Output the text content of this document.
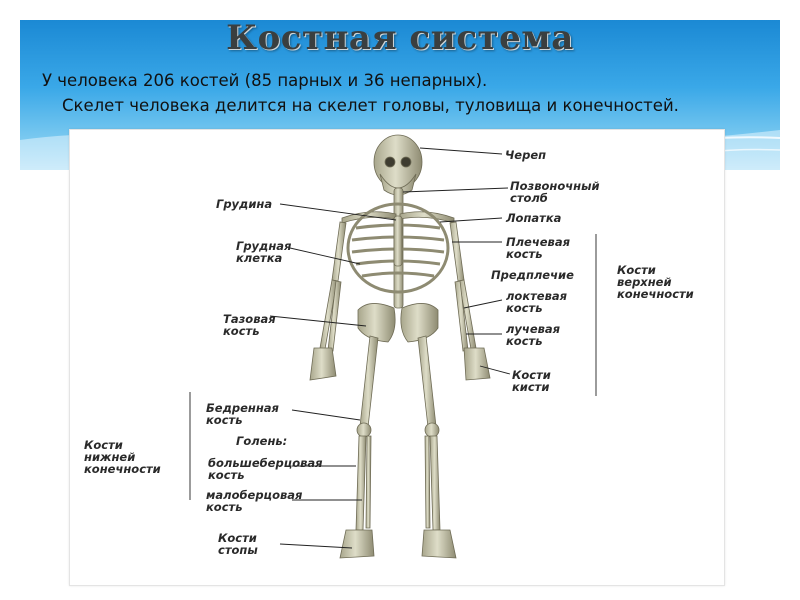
Костная система

У человека 206 костей (85 парных и 36 непарных).

Скелет человека делится на скелет головы, туловища и конечностей.

Череп
Позвоночный
столб
Лопатка
Плечевая
кость
Предплечие
локтевая
кость
лучевая
кость
Кости
кисти
Кости
верхней
конечности
Грудина
Грудная
клетка
Тазовая
кость
Бедренная
кость
Голень:
большеберцовая
кость
малоберцовая
кость
Кости
стопы
Кости
нижней
конечности
